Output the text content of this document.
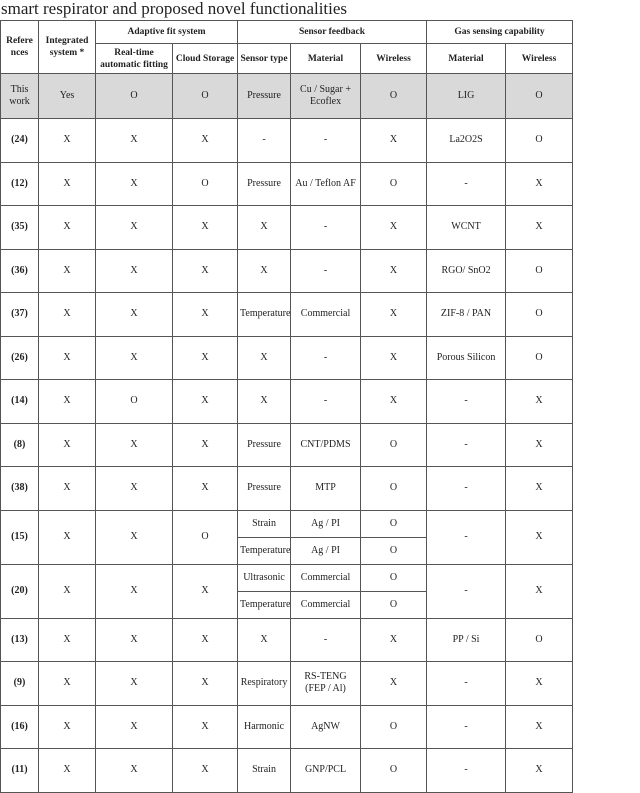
smart respirator and proposed novel functionalities
Refere nces	Integrated system *	Adaptive fit system		Sensor feedback			Gas sensing capability	
		Real-time automatic fitting	Cloud Storage	Sensor type	Material	Wireless	Material	Wireless
This work	Yes	O	O	Pressure	Cu / Sugar + Ecoflex	O	LIG	O
(24)	X	X	X	-	-	X	La2O2S	O
(12)	X	X	O	Pressure	Au / Teflon AF	O	-	X
(35)	X	X	X	X	-	X	WCNT	X
(36)	X	X	X	X	-	X	RGO/ SnO2	O
(37)	X	X	X	Temperature	Commercial	X	ZIF-8 / PAN	O
(26)	X	X	X	X	-	X	Porous Silicon	O
(14)	X	O	X	X	-	X	-	X
(8)	X	X	X	Pressure	CNT/PDMS	O	-	X
(38)	X	X	X	Pressure	MTP	O	-	X
(15)	X	X	O	Strain	Ag / PI	O	-	X
				Temperature	Ag / PI	O		
(20)	X	X	X	Ultrasonic	Commercial	O	-	X
				Temperature	Commercial	O		
(13)	X	X	X	X	-	X	PP / Si	O
(9)	X	X	X	Respiratory	RS-TENG (FEP / Al)	X	-	X
(16)	X	X	X	Harmonic	AgNW	O	-	X
(11)	X	X	X	Strain	GNP/PCL	O	-	X
